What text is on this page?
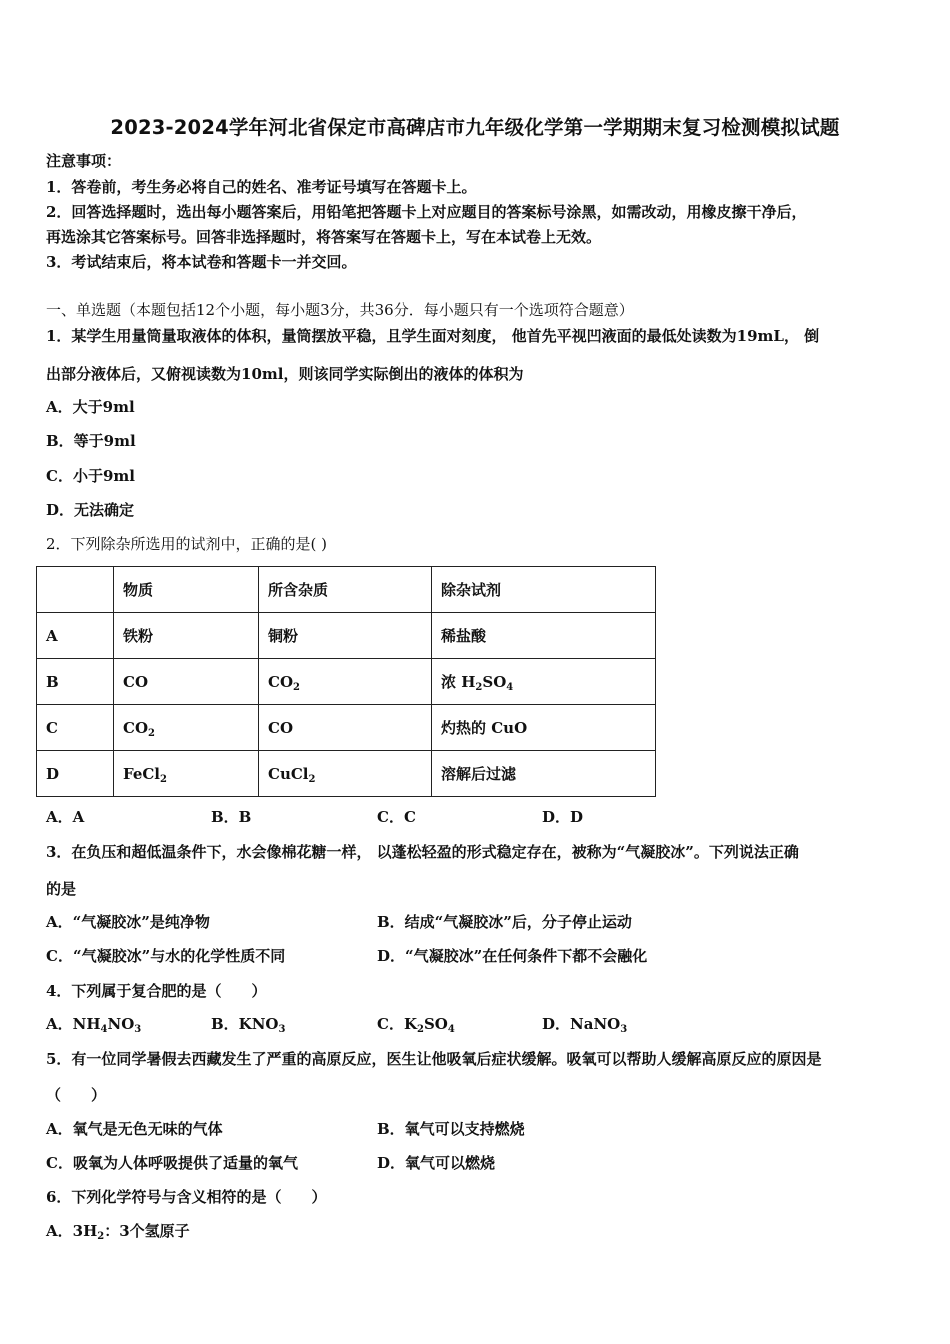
2023-2024学年河北省保定市高碑店市九年级化学第一学期期末复习检测模拟试题
注意事项：
1．答卷前，考生务必将自己的姓名、准考证号填写在答题卡上。
2．回答选择题时，选出每小题答案后，用铅笔把答题卡上对应题目的答案标号涂黑，如需改动，用橡皮擦干净后，
再选涂其它答案标号。回答非选择题时，将答案写在答题卡上，写在本试卷上无效。
3．考试结束后，将本试卷和答题卡一并交回。
一、单选题（本题包括12个小题，每小题3分，共36分．每小题只有一个选项符合题意）
1．某学生用量筒量取液体的体积，量筒摆放平稳，且学生面对刻度， 他首先平视凹液面的最低处读数为19mL， 倒
出部分液体后，又俯视读数为10ml，则该同学实际倒出的液体的体积为
A．大于9ml
B．等于9ml
C．小于9ml
D．无法确定
2．下列除杂所选用的试剂中，正确的是( )
	物质	所含杂质	除杂试剂
A	铁粉	铜粉	稀盐酸
B	CO	$CO_2$	浓 $H_2SO_4$
C	$CO_2$	CO	灼热的 CuO
D	FeCl$_2$	CuCl$_2$	溶解后过滤
A．A	B．B	C．C	D．D
3．在负压和超低温条件下，水会像棉花糖一样， 以蓬松轻盈的形式稳定存在，被称为“气凝胶冰”。下列说法正确
的是
A．“气凝胶冰”是纯净物	B．结成“气凝胶冰”后，分子停止运动
C．“气凝胶冰”与水的化学性质不同	D．“气凝胶冰”在任何条件下都不会融化
4．下列属于复合肥的是（　　）
A．$NH_4NO_3$	B．$KNO_3$	C．$K_2SO_4$	D．NaNO$_3$
5．有一位同学暑假去西藏发生了严重的高原反应，医生让他吸氧后症状缓解。吸氧可以帮助人缓解高原反应的原因是
（　　）
A．氧气是无色无味的气体	B．氧气可以支持燃烧
C．吸氧为人体呼吸提供了适量的氧气	D．氧气可以燃烧
6．下列化学符号与含义相符的是（　　）
A．$3H_2$：3个氢原子
